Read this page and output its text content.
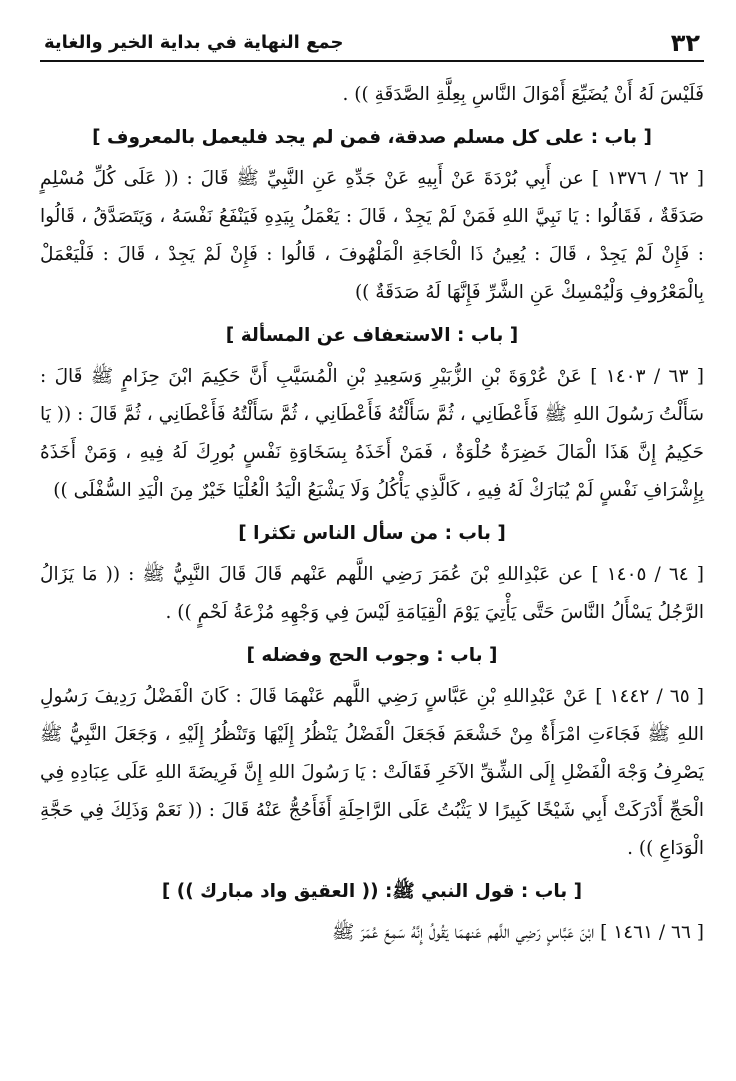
٣٢
جمع النهاية في بداية الخير والغاية

فَلَيْسَ لَهُ أَنْ يُضَيِّعَ أَمْوَالَ النَّاسِ بِعِلَّةِ الصَّدَقَةِ )) .

[ باب : على كل مسلم صدقة، فمن لم يجد فليعمل بالمعروف ]

[ ٦٢ / ١٣٧٦ ] عن أَبِي بُرْدَةَ عَنْ أَبِيهِ عَنْ جَدِّهِ عَنِ النَّبِيِّ ﷺ قَالَ : (( عَلَى كُلِّ مُسْلِمٍ صَدَقَةٌ ، فَقَالُوا : يَا نَبِيَّ اللهِ فَمَنْ لَمْ يَجِدْ ، قَالَ : يَعْمَلُ بِيَدِهِ فَيَنْفَعُ نَفْسَهُ ، وَيَتَصَدَّقُ ، قَالُوا : فَإِنْ لَمْ يَجِدْ ، قَالَ : يُعِينُ ذَا الْحَاجَةِ الْمَلْهُوفَ ، قَالُوا : فَإِنْ لَمْ يَجِدْ ، قَالَ : فَلْيَعْمَلْ بِالْمَعْرُوفِ وَلْيُمْسِكْ عَنِ الشَّرِّ فَإِنَّهَا لَهُ صَدَقَةٌ ))

[ باب : الاستعفاف عن المسألة ]

[ ٦٣ / ١٤٠٣ ] عَنْ عُرْوَةَ بْنِ الزُّبَيْرِ وَسَعِيدِ بْنِ الْمُسَيَّبِ أَنَّ حَكِيمَ ابْنَ حِزَامٍ ﷺ قَالَ : سَأَلْتُ رَسُولَ اللهِ ﷺ فَأَعْطَانِي ، ثُمَّ سَأَلْتُهُ فَأَعْطَانِي ، ثُمَّ سَأَلْتُهُ فَأَعْطَانِي ، ثُمَّ قَالَ : (( يَا حَكِيمُ إِنَّ هَذَا الْمَالَ خَضِرَةٌ حُلْوَةٌ ، فَمَنْ أَخَذَهُ بِسَخَاوَةِ نَفْسٍ بُورِكَ لَهُ فِيهِ ، وَمَنْ أَخَذَهُ بِإِشْرَافِ نَفْسٍ لَمْ يُبَارَكْ لَهُ فِيهِ ، كَالَّذِي يَأْكُلُ وَلَا يَشْبَعُ الْيَدُ الْعُلْيَا خَيْرٌ مِنَ الْيَدِ السُّفْلَى ))

[ باب : من سأل الناس تكثرا ]

[ ٦٤ / ١٤٠٥ ] عن عَبْدِاللهِ بْنَ عُمَرَ رَضِي اللَّهم عَنْهم قَالَ قَالَ النَّبِيُّ ﷺ : (( مَا يَزَالُ الرَّجُلُ يَسْأَلُ النَّاسَ حَتَّى يَأْتِيَ يَوْمَ الْقِيَامَةِ لَيْسَ فِي وَجْهِهِ مُزْعَةُ لَحْمٍ )) .

[ باب : وجوب الحج وفضله ]

[ ٦٥ / ١٤٤٢ ] عَنْ عَبْدِاللهِ بْنِ عَبَّاسٍ رَضِي اللَّهم عَنْهمَا قَالَ : كَانَ الْفَضْلُ رَدِيفَ رَسُولِ اللهِ ﷺ فَجَاءَتِ امْرَأَةٌ مِنْ خَشْعَمَ فَجَعَلَ الْفَضْلُ يَنْظُرُ إِلَيْهَا وَتَنْظُرُ إِلَيْهِ ، وَجَعَلَ النَّبِيُّ ﷺ يَصْرِفُ وَجْهَ الْفَضْلِ إِلَى الشِّقِّ الآخَرِ فَقَالَتْ : يَا رَسُولَ اللهِ إِنَّ فَرِيضَةَ اللهِ عَلَى عِبَادِهِ فِي الْحَجِّ أَدْرَكَتْ أَبِي شَيْخًا كَبِيرًا لا يَثْبُتُ عَلَى الرَّاحِلَةِ أَفَأَحُجُّ عَنْهُ قَالَ : (( نَعَمْ وَذَلِكَ فِي حَجَّةِ الْوَدَاعِ )) .

[ باب : قول النبي ﷺ: (( العقيق واد مبارك )) ]

[ ٦٦ / ١٤٦١ ] ابْنَ عَبَّاسٍ رَضِي اللَّهم عَنهمَا يَقُولُ إِنَّهُ سَمِعَ عُمَرَ ﷺ
